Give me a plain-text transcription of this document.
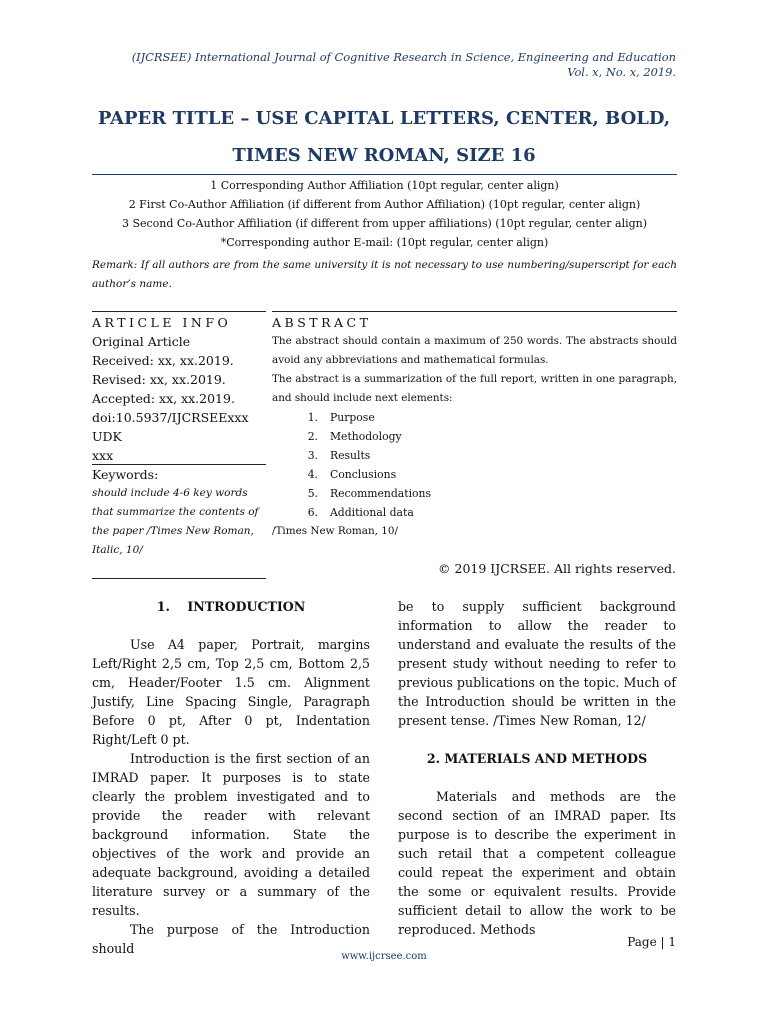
(IJCRSEE) International Journal of Cognitive Research in Science, Engineering and Education
Vol. x, No. x, 2019.
PAPER TITLE – USE CAPITAL LETTERS, CENTER, BOLD,
TIMES NEW ROMAN, SIZE 16
1 Corresponding Author Affiliation (10pt regular, center align)
2 First Co-Author Affiliation (if different from Author Affiliation) (10pt regular, center align)
3 Second Co-Author Affiliation (if different from upper affiliations) (10pt regular, center align)
*Corresponding author E-mail: (10pt regular, center align)
Remark: If all authors are from the same university it is not necessary to use numbering/superscript for each author’s name.
ARTICLE INFO
Original Article
Received: xx, xx.2019.
Revised: xx, xx.2019.
Accepted: xx, xx.2019.
doi:10.5937/IJCRSEExxx
UDK
xxx
Keywords:
should include 4-6 key words that summarize the contents of the paper /Times New Roman, Italic, 10/
ABSTRACT
The abstract should contain a maximum of 250 words. The abstracts should avoid any abbreviations and mathematical formulas.
The abstract is a summarization of the full report, written in one paragraph, and should include next elements:
1. Purpose
2. Methodology
3. Results
4. Conclusions
5. Recommendations
6. Additional data
/Times New Roman, 10/
© 2019 IJCRSEE. All rights reserved.
1.    INTRODUCTION

Use A4 paper, Portrait, margins Left/Right 2,5 cm, Top 2,5 cm, Bottom 2,5 cm, Header/Footer 1.5 cm. Alignment Justify, Line Spacing Single, Paragraph Before 0 pt, After 0 pt, Indentation Right/Left 0 pt.

Introduction is the first section of an IMRAD paper. It purposes is to state clearly the problem investigated and to provide the reader with relevant background information. State the objectives of the work and provide an adequate background, avoiding a detailed literature survey or a summary of the results.

The purpose of the Introduction should

be to supply sufficient background information to allow the reader to understand and evaluate the results of the present study without needing to refer to previous publications on the topic. Much of the Introduction should be written in the present tense. /Times New Roman, 12/

2. MATERIALS AND METHODS

Materials and methods are the second section of an IMRAD paper. Its purpose is to describe the experiment in such retail that a competent colleague could repeat the experiment and obtain the some or equivalent results. Provide sufficient detail to allow the work to be reproduced. Methods

Page | 1
www.ijcrsee.com
